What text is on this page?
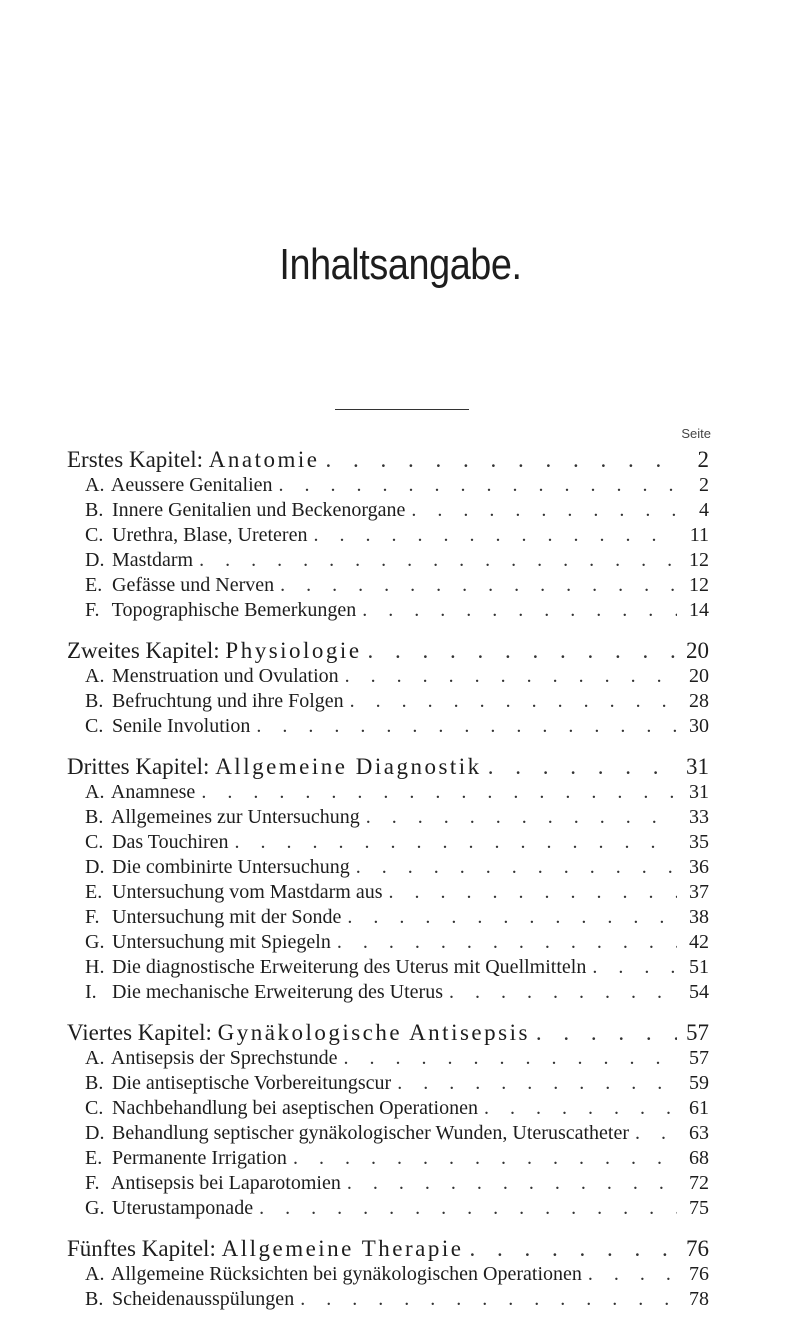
Inhaltsangabe.
Seite
Erstes Kapitel: Anatomie . . .	2
A. Aeussere Genitalien . . .	2
B. Innere Genitalien und Beckenorgane . . .	4
C. Urethra, Blase, Ureteren . . .	11
D. Mastdarm . . .	12
E. Gefässe und Nerven . . .	12
F. Topographische Bemerkungen . . .	14
Zweites Kapitel: Physiologie . . .	20
A. Menstruation und Ovulation . . .	20
B. Befruchtung und ihre Folgen . . .	28
C. Senile Involution . . .	30
Drittes Kapitel: Allgemeine Diagnostik . . .	31
A. Anamnese . . .	31
B. Allgemeines zur Untersuchung . . .	33
C. Das Touchiren . . .	35
D. Die combinirte Untersuchung . . .	36
E. Untersuchung vom Mastdarm aus . . .	37
F. Untersuchung mit der Sonde . . .	38
G. Untersuchung mit Spiegeln . . .	42
H. Die diagnostische Erweiterung des Uterus mit Quellmitteln . . .	51
I. Die mechanische Erweiterung des Uterus . . .	54
Viertes Kapitel: Gynäkologische Antisepsis . . .	57
A. Antisepsis der Sprechstunde . . .	57
B. Die antiseptische Vorbereitungscur . . .	59
C. Nachbehandlung bei aseptischen Operationen . . .	61
D. Behandlung septischer gynäkologischer Wunden, Uteruscatheter . . .	63
E. Permanente Irrigation . . .	68
F. Antisepsis bei Laparotomien . . .	72
G. Uterustamponade . . .	75
Fünftes Kapitel: Allgemeine Therapie . . .	76
A. Allgemeine Rücksichten bei gynäkologischen Operationen . . .	76
B. Scheidenausspülungen . . .	78
